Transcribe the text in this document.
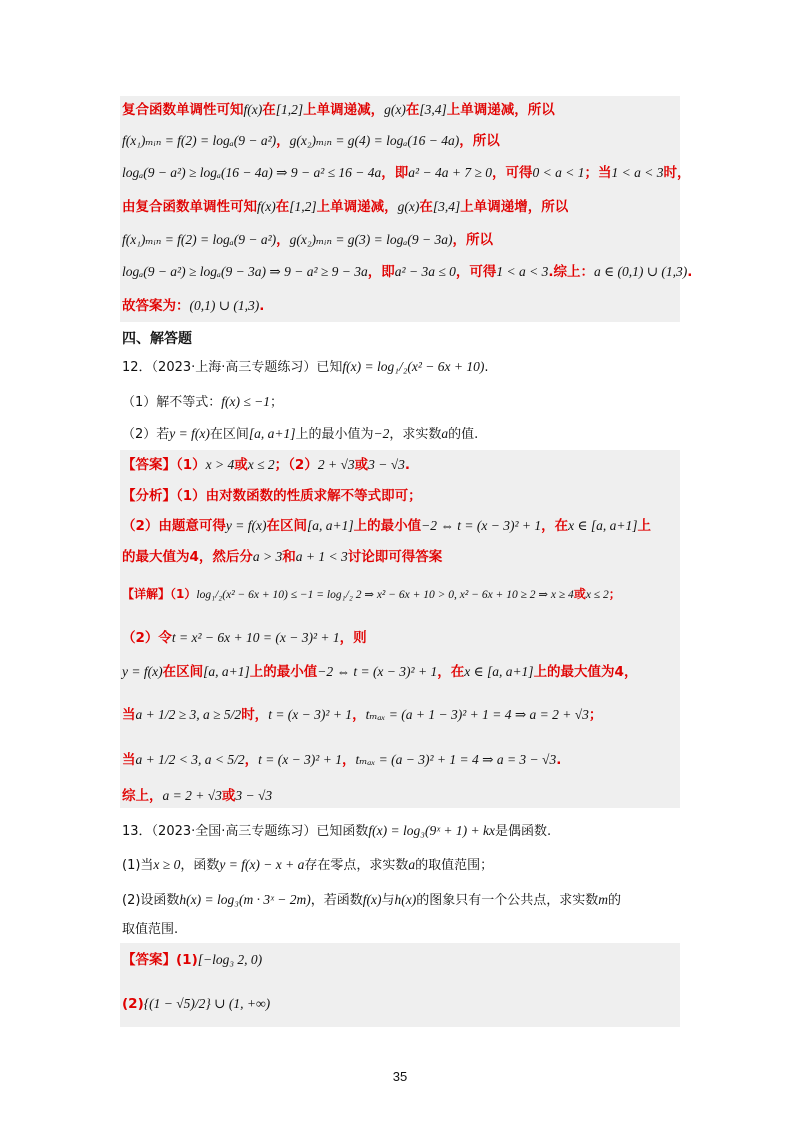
复合函数单调性可知f(x)在[1,2]上单调递减，g(x)在[3,4]上单调递减，所以
f(x₁)ₘᵢₙ = f(2) = logₐ(9 − a²)，g(x₂)ₘᵢₙ = g(4) = logₐ(16 − 4a)，所以
logₐ(9 − a²) ≥ logₐ(16 − 4a) ⇒ 9 − a² ≤ 16 − 4a，即a² − 4a + 7 ≥ 0，可得0 < a < 1；当1 < a < 3时，
由复合函数单调性可知f(x)在[1,2]上单调递减，g(x)在[3,4]上单调递增，所以
f(x₁)ₘᵢₙ = f(2) = logₐ(9 − a²)，g(x₂)ₘᵢₙ = g(3) = logₐ(9 − 3a)，所以
logₐ(9 − a²) ≥ logₐ(9 − 3a) ⇒ 9 − a² ≥ 9 − 3a，即a² − 3a ≤ 0，可得1 < a < 3.综上：a ∈ (0,1) ∪ (1,3).
故答案为：(0,1) ∪ (1,3).
四、解答题
12．（2023·上海·高三专题练习）已知f(x) = log₁/₂(x² − 6x + 10).
（1）解不等式：f(x) ≤ −1；
（2）若y = f(x)在区间[a, a+1]上的最小值为−2，求实数a的值.
【答案】（1）x > 4或x ≤ 2；（2）2 + √3或3 − √3.
【分析】（1）由对数函数的性质求解不等式即可；
（2）由题意可得y = f(x)在区间[a, a+1]上的最小值−2 ⇔ t = (x − 3)² + 1，在x ∈ [a, a+1]上
的最大值为4，然后分a > 3和a + 1 < 3讨论即可得答案
【详解】（1）log₁/₂(x² − 6x + 10) ≤ −1 = log₁/₂ 2 ⇒ x² − 6x + 10 > 0, x² − 6x + 10 ≥ 2 ⇒ x ≥ 4或x ≤ 2；
（2）令t = x² − 6x + 10 = (x − 3)² + 1，则
y = f(x)在区间[a, a+1]上的最小值−2 ⇔ t = (x − 3)² + 1，在x ∈ [a, a+1]上的最大值为4，
当a + 1/2 ≥ 3, a ≥ 5/2时，t = (x − 3)² + 1，tₘₐₓ = (a + 1 − 3)² + 1 = 4 ⇒ a = 2 + √3；
当a + 1/2 < 3, a < 5/2，t = (x − 3)² + 1，tₘₐₓ = (a − 3)² + 1 = 4 ⇒ a = 3 − √3.
综上，a = 2 + √3或3 − √3
13．（2023·全国·高三专题练习）已知函数f(x) = log₃(9ˣ + 1) + kx是偶函数.
(1)当x ≥ 0，函数y = f(x) − x + a存在零点，求实数a的取值范围；
(2)设函数h(x) = log₃(m · 3ˣ − 2m)，若函数f(x)与h(x)的图象只有一个公共点，求实数m的
取值范围.
【答案】(1)[−log₃ 2, 0)
(2){(1 − √5)/2} ∪ (1, +∞)
35
